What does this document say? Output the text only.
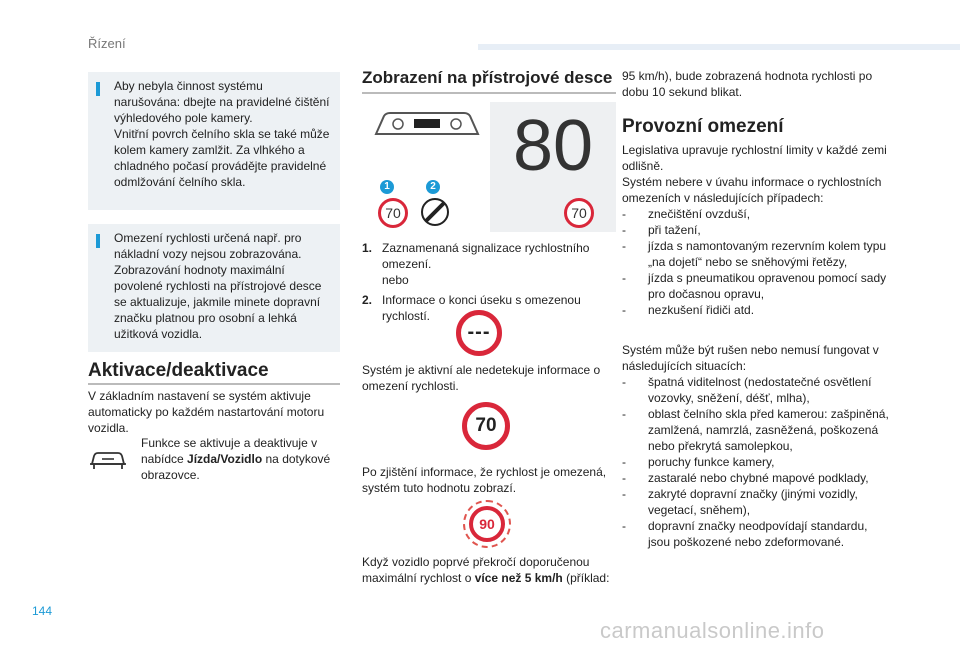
Řízení
Aby nebyla činnost systému narušována: dbejte na pravidelné čištění výhledového pole kamery.
Vnitřní povrch čelního skla se také může kolem kamery zamlžit. Za vlhkého a chladného počasí provádějte pravidelné odmlžování čelního skla.
Omezení rychlosti určená např. pro nákladní vozy nejsou zobrazována. Zobrazování hodnoty maximální povolené rychlosti na přístrojové desce se aktualizuje, jakmile minete dopravní značku platnou pro osobní a lehká užitková vozidla.
Aktivace/deaktivace
V základním nastavení se systém aktivuje automaticky po každém nastartování motoru vozidla.
Funkce se aktivuje a deaktivuje v nabídce Jízda/Vozidlo na dotykové obrazovce.
Zobrazení na přístrojové desce
80
1	2
70	70
1. Zaznamenaná signalizace rychlostního omezení.
nebo
2. Informace o konci úseku s omezenou rychlostí.
---
Systém je aktivní ale nedetekuje informace o omezení rychlosti.
70
Po zjištění informace, že rychlost je omezená, systém tuto hodnotu zobrazí.
90
Když vozidlo poprvé překročí doporučenou maximální rychlost o více než 5 km/h (příklad:
95 km/h), bude zobrazená hodnota rychlosti po dobu 10 sekund blikat.
Provozní omezení
Legislativa upravuje rychlostní limity v každé zemi odlišně.
Systém nebere v úvahu informace o rychlostních omezeních v následujících případech:
- znečištění ovzduší,
- při tažení,
- jízda s namontovaným rezervním kolem typu „na dojetí“ nebo se sněhovými řetězy,
- jízda s pneumatikou opravenou pomocí sady pro dočasnou opravu,
- nezkušení řidiči atd.
Systém může být rušen nebo nemusí fungovat v následujících situacích:
- špatná viditelnost (nedostatečné osvětlení vozovky, sněžení, déšť, mlha),
- oblast čelního skla před kamerou: zašpiněná, zamlžená, namrzlá, zasněžená, poškozená nebo překrytá samolepkou,
- poruchy funkce kamery,
- zastaralé nebo chybné mapové podklady,
- zakryté dopravní značky (jinými vozidly, vegetací, sněhem),
- dopravní značky neodpovídají standardu, jsou poškozené nebo zdeformované.
144
carmanualsonline.info
